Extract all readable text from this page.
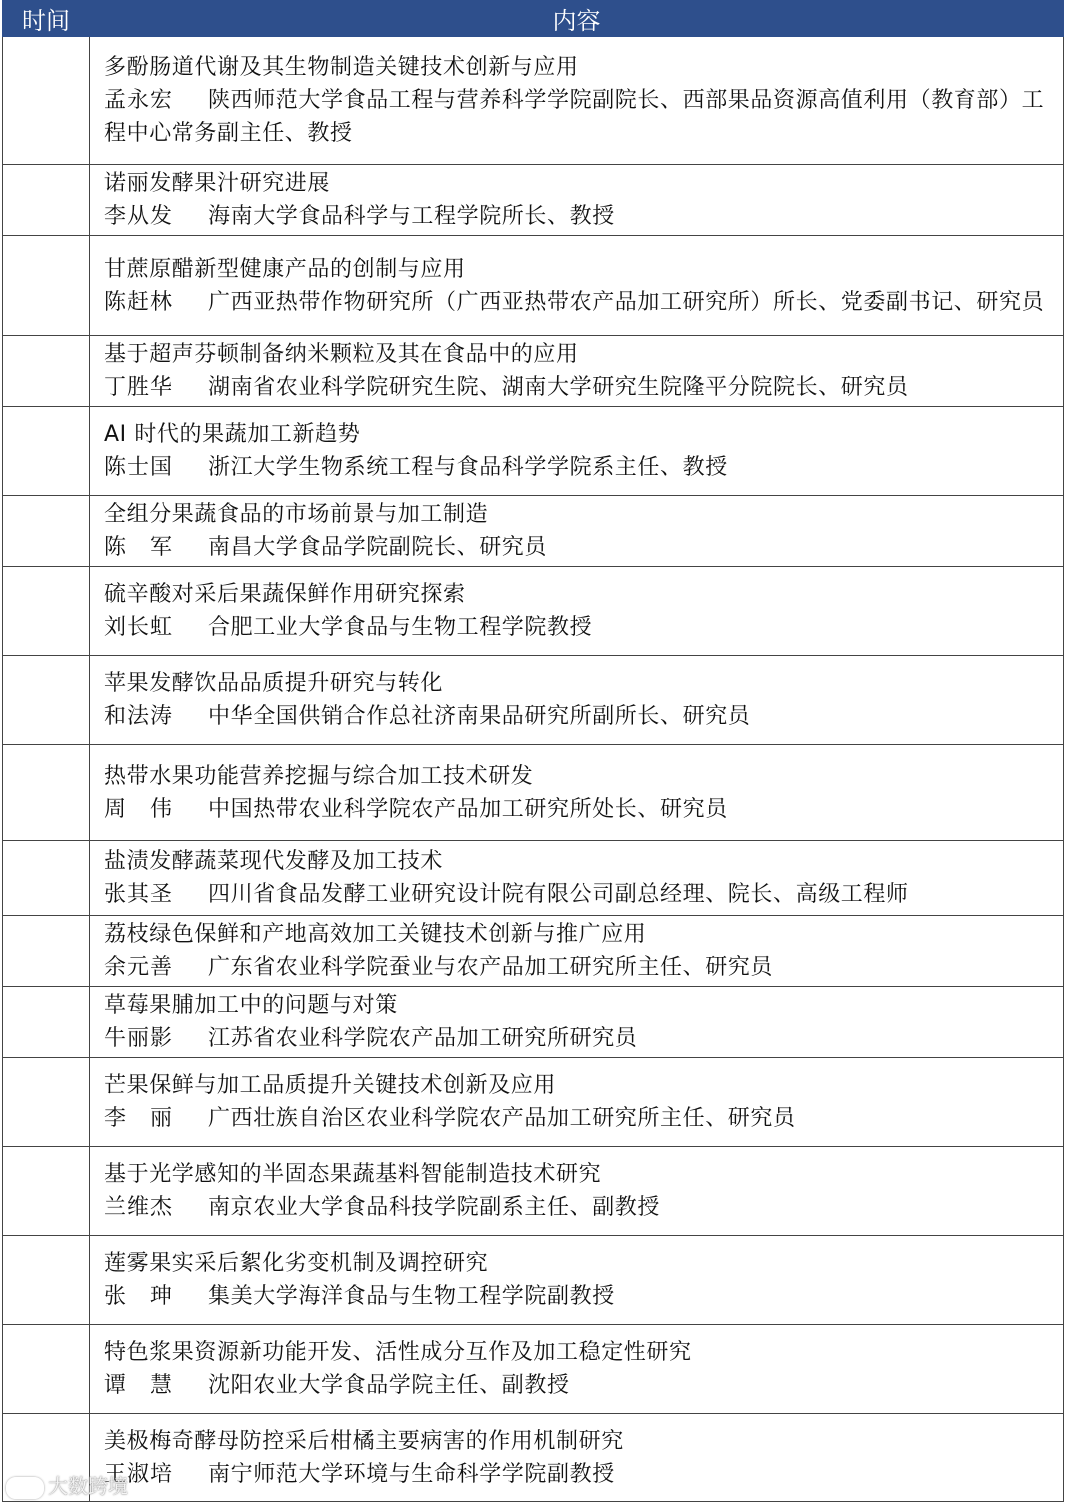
时间	内容

	多酚肠道代谢及其生物制造关键技术创新与应用
孟永宏 陕西师范大学食品工程与营养科学学院副院长、西部果品资源高值利用（教育部）工程中心常务副主任、教授

	诺丽发酵果汁研究进展
李从发 海南大学食品科学与工程学院所长、教授

	甘蔗原醋新型健康产品的创制与应用
陈赶林 广西亚热带作物研究所（广西亚热带农产品加工研究所）所长、党委副书记、研究员

	基于超声芬顿制备纳米颗粒及其在食品中的应用
丁胜华 湖南省农业科学院研究生院、湖南大学研究生院隆平分院院长、研究员

	AI 时代的果蔬加工新趋势
陈士国 浙江大学生物系统工程与食品科学学院系主任、教授

	全组分果蔬食品的市场前景与加工制造
陈　军 南昌大学食品学院副院长、研究员

	硫辛酸对采后果蔬保鲜作用研究探索
刘长虹 合肥工业大学食品与生物工程学院教授

	苹果发酵饮品品质提升研究与转化
和法涛 中华全国供销合作总社济南果品研究所副所长、研究员

	热带水果功能营养挖掘与综合加工技术研发
周　伟 中国热带农业科学院农产品加工研究所处长、研究员

	盐渍发酵蔬菜现代发酵及加工技术
张其圣 四川省食品发酵工业研究设计院有限公司副总经理、院长、高级工程师

	荔枝绿色保鲜和产地高效加工关键技术创新与推广应用
余元善 广东省农业科学院蚕业与农产品加工研究所主任、研究员

	草莓果脯加工中的问题与对策
牛丽影 江苏省农业科学院农产品加工研究所研究员

	芒果保鲜与加工品质提升关键技术创新及应用
李　丽 广西壮族自治区农业科学院农产品加工研究所主任、研究员

	基于光学感知的半固态果蔬基料智能制造技术研究
兰维杰 南京农业大学食品科技学院副系主任、副教授

	莲雾果实采后絮化劣变机制及调控研究
张　珅 集美大学海洋食品与生物工程学院副教授

	特色浆果资源新功能开发、活性成分互作及加工稳定性研究
谭　慧 沈阳农业大学食品学院主任、副教授

	美极梅奇酵母防控采后柑橘主要病害的作用机制研究
王淑培 南宁师范大学环境与生命科学学院副教授
大数跨境
